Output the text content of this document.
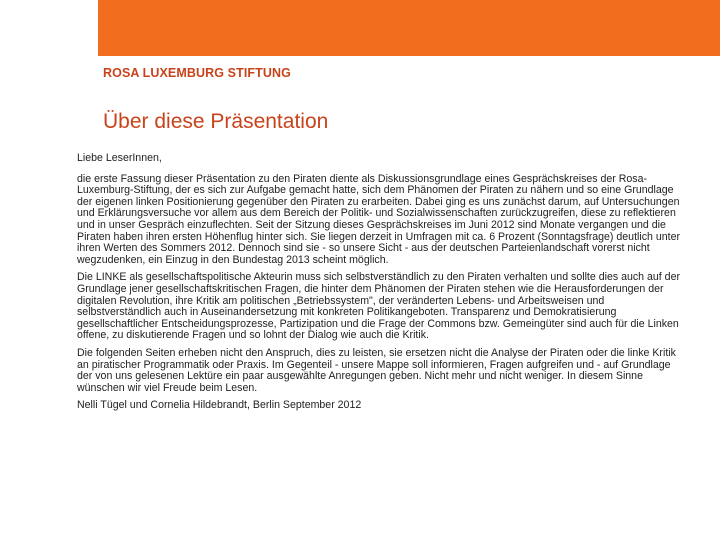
ROSA LUXEMBURG STIFTUNG
Über diese Präsentation

Liebe LeserInnen,

die erste Fassung dieser Präsentation zu den Piraten diente als Diskussionsgrundlage eines Gesprächskreises der Rosa-Luxemburg-Stiftung, der es sich zur Aufgabe gemacht hatte, sich dem Phänomen der Piraten zu nähern und so eine Grundlage der eigenen linken Positionierung gegenüber den Piraten zu erarbeiten. Dabei ging es uns zunächst darum, auf Untersuchungen und Erklärungsversuche vor allem aus dem Bereich der Politik- und Sozialwissenschaften zurückzugreifen, diese zu reflektieren und in unser Gespräch einzuflechten. Seit der Sitzung dieses Gesprächskreises im Juni 2012 sind Monate vergangen und die Piraten haben ihren ersten Höhenflug hinter sich. Sie liegen derzeit in Umfragen mit ca. 6 Prozent (Sonntagsfrage) deutlich unter ihren Werten des Sommers 2012. Dennoch sind sie - so unsere Sicht - aus der deutschen Parteienlandschaft vorerst nicht wegzudenken, ein Einzug in den Bundestag 2013 scheint möglich.

Die LINKE als gesellschaftspolitische Akteurin muss sich selbstverständlich zu den Piraten verhalten und sollte dies auch auf der Grundlage jener gesellschaftskritischen Fragen, die hinter dem Phänomen der Piraten stehen wie die Herausforderungen der digitalen Revolution, ihre Kritik am politischen „Betriebssystem", der veränderten Lebens- und Arbeitsweisen und selbstverständlich auch in Auseinandersetzung mit konkreten Politikangeboten. Transparenz und Demokratisierung gesellschaftlicher Entscheidungsprozesse, Partizipation und die Frage der Commons bzw. Gemeingüter sind auch für die Linken offene, zu diskutierende Fragen und so lohnt der Dialog wie auch die Kritik.

Die folgenden Seiten erheben nicht den Anspruch, dies zu leisten, sie ersetzen nicht die Analyse der Piraten oder die linke Kritik an piratischer Programmatik oder Praxis. Im Gegenteil - unsere Mappe soll informieren, Fragen aufgreifen und - auf Grundlage der von uns gelesenen Lektüre ein paar ausgewählte Anregungen geben. Nicht mehr und nicht weniger. In diesem Sinne wünschen wir viel Freude beim Lesen.

Nelli Tügel und Cornelia Hildebrandt, Berlin September 2012
